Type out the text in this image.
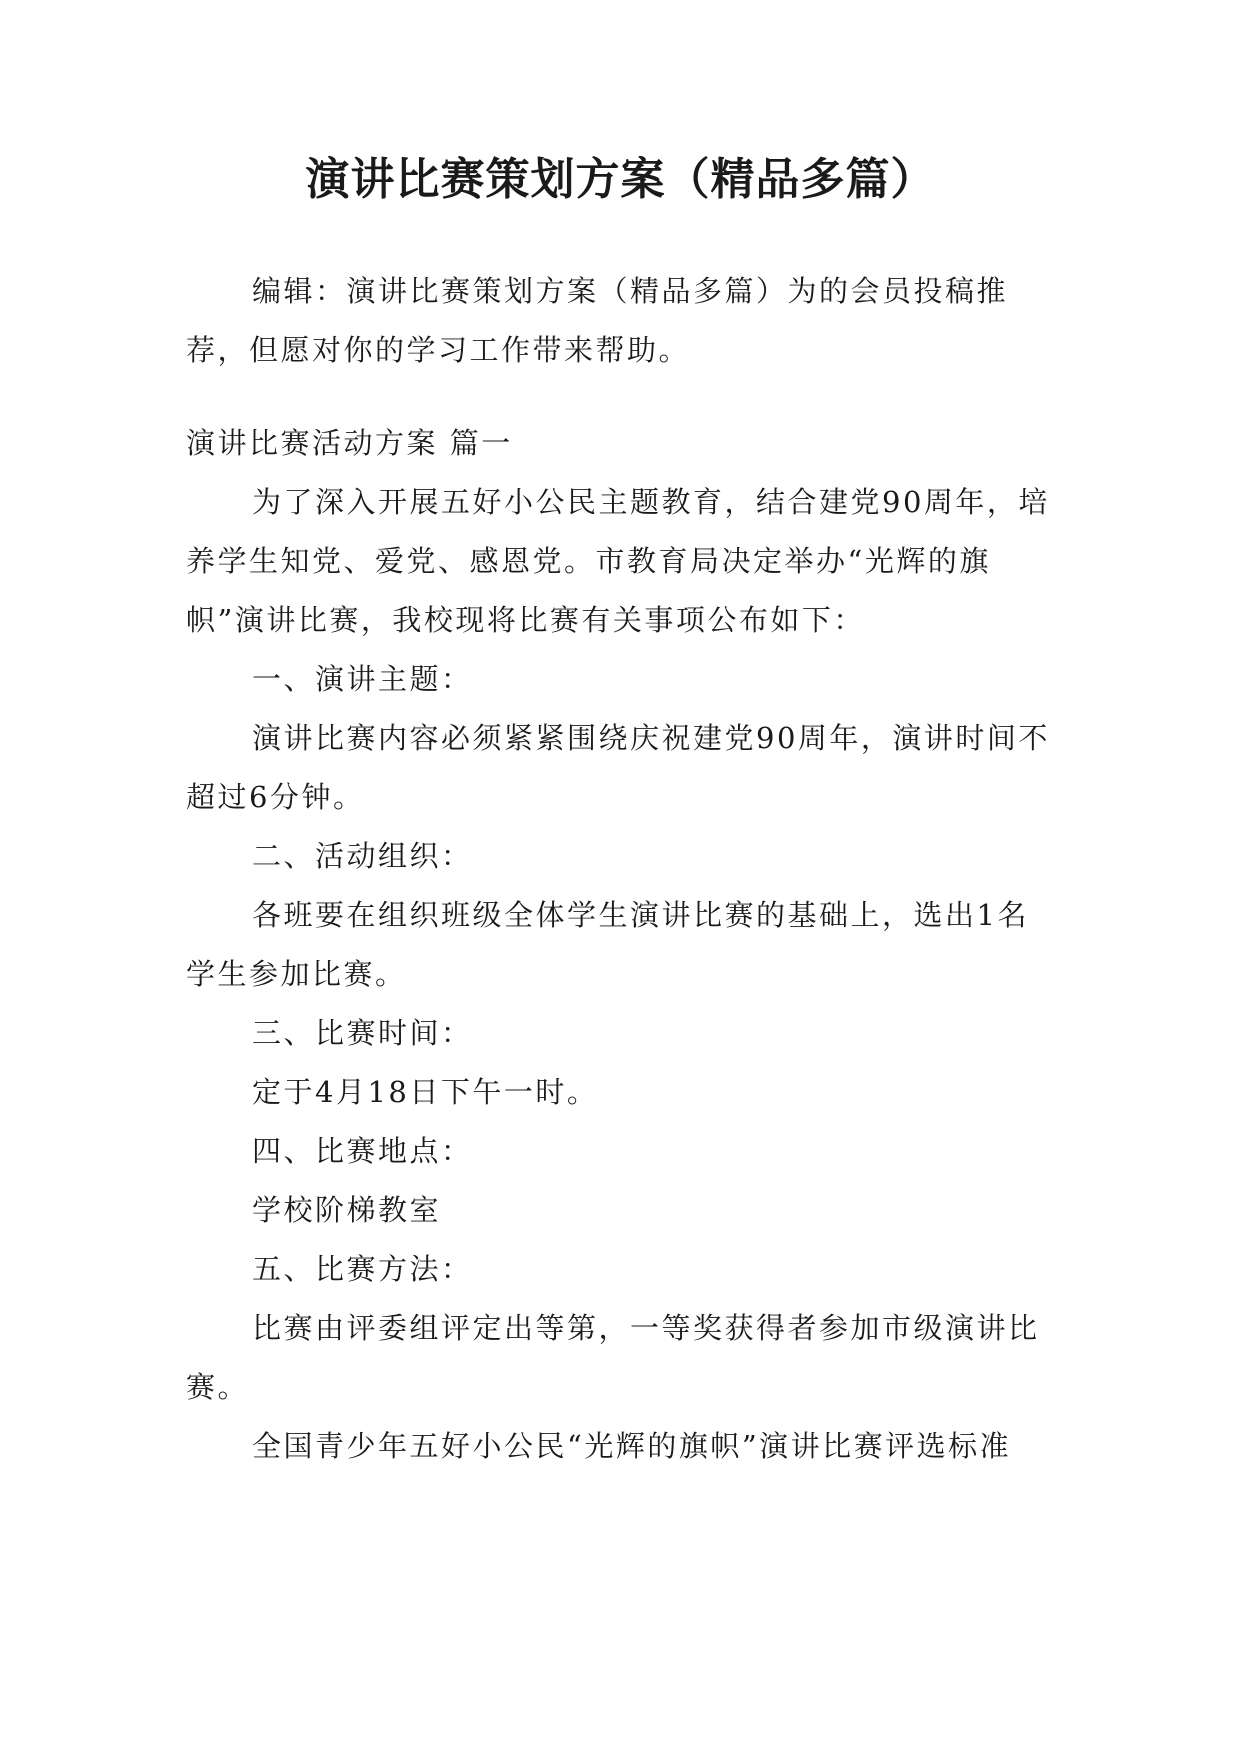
演讲比赛策划方案（精品多篇）

编辑：演讲比赛策划方案（精品多篇）为的会员投稿推荐，但愿对你的学习工作带来帮助。

演讲比赛活动方案 篇一

为了深入开展五好小公民主题教育，结合建党90周年，培养学生知党、爱党、感恩党。市教育局决定举办“光辉的旗帜”演讲比赛，我校现将比赛有关事项公布如下：

一、演讲主题：

演讲比赛内容必须紧紧围绕庆祝建党90周年，演讲时间不超过6分钟。

二、活动组织：

各班要在组织班级全体学生演讲比赛的基础上，选出1名学生参加比赛。

三、比赛时间：

定于4月18日下午一时。

四、比赛地点：

学校阶梯教室

五、比赛方法：

比赛由评委组评定出等第，一等奖获得者参加市级演讲比赛。

全国青少年五好小公民“光辉的旗帜”演讲比赛评选标准
